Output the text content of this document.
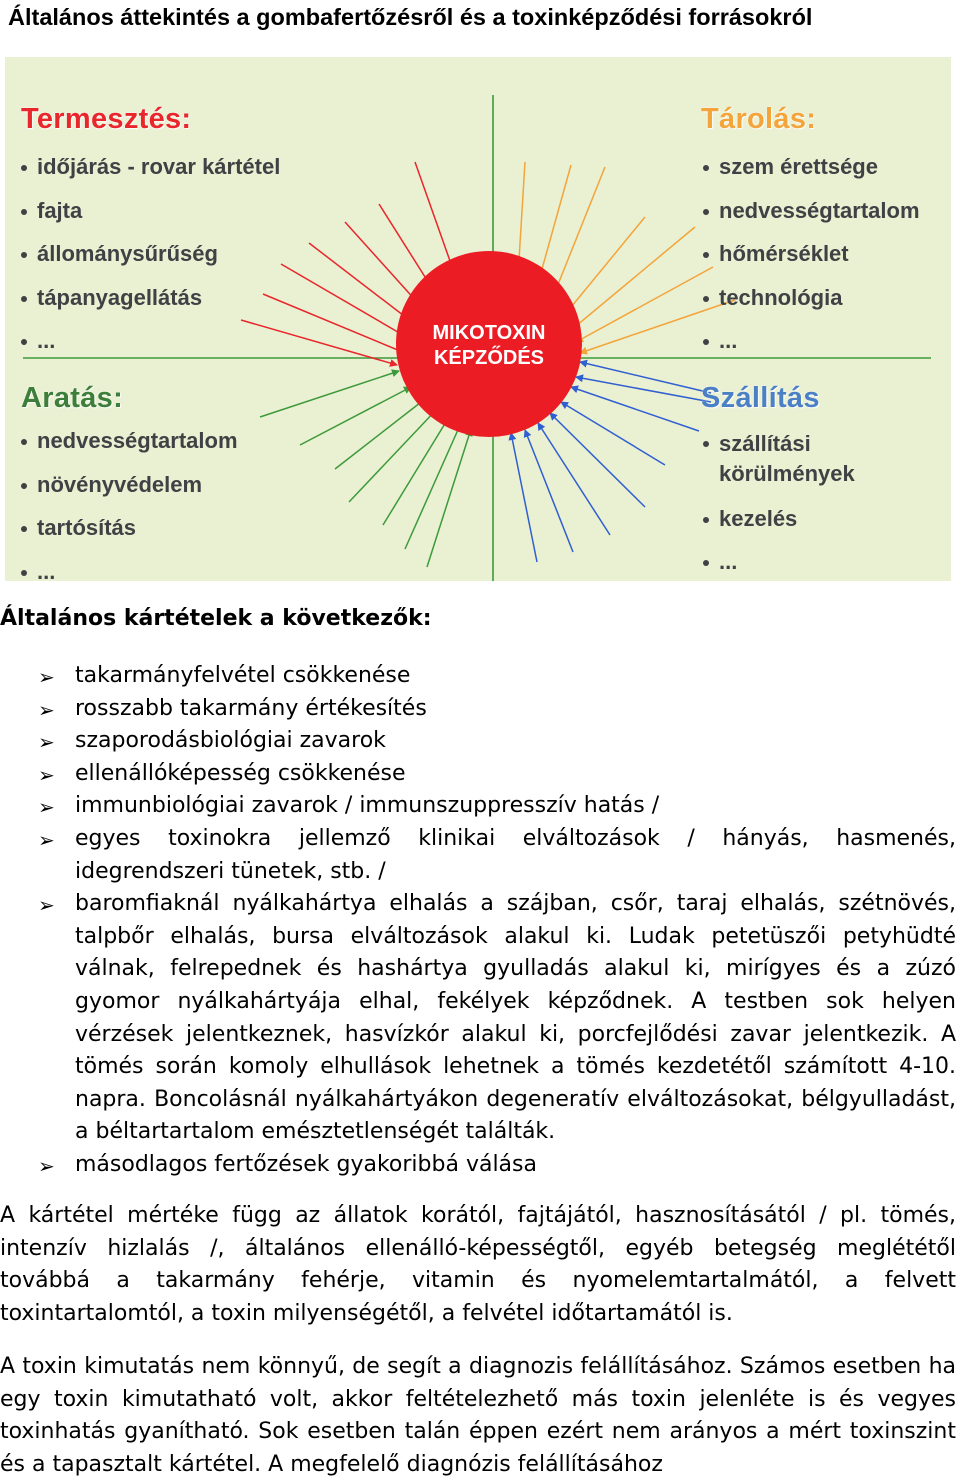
Általános áttekintés a gombafertőzésről és a toxinképződési forrásokról
MIKOTOXIN
KÉPZŐDÉS
Termesztés:
időjárás - rovar kártétel
fajta
állománysűrűség
tápanyagellátás
...
Tárolás:
szem érettsége
nedvességtartalom
hőmérséklet
technológia
...
Aratás:
nedvességtartalom
növényvédelem
tartósítás
...
Szállítás
szállítási körülmények
kezelés
...
Általános kártételek a következők:
➢ takarmányfelvétel csökkenése
➢ rosszabb takarmány értékesítés
➢ szaporodásbiológiai zavarok
➢ ellenállóképesség csökkenése
➢ immunbiológiai zavarok / immunszuppresszív hatás /
➢ egyes toxinokra jellemző klinikai elváltozások / hányás, hasmenés, idegrendszeri tünetek, stb. /
➢ baromfiaknál nyálkahártya elhalás a szájban, csőr, taraj elhalás, szétnövés, talpbőr elhalás, bursa elváltozások alakul ki. Ludak petetüszői petyhüdté válnak, felrepednek és hashártya gyulladás alakul ki, mirígyes és a zúzó gyomor nyálkahártyája elhal, fekélyek képződnek. A testben sok helyen vérzések jelentkeznek, hasvízkór alakul ki, porcfejlődési zavar jelentkezik. A tömés során komoly elhullások lehetnek a tömés kezdetétől számított 4-10. napra. Boncolásnál nyálkahártyákon degeneratív elváltozásokat, bélgyulladást, a béltartartalom emésztetlenségét találták.
➢ másodlagos fertőzések gyakoribbá válása

A kártétel mértéke függ az állatok korától, fajtájától, hasznosításától / pl. tömés, intenzív hizlalás /, általános ellenálló-képességtől, egyéb betegség meglététől továbbá a takarmány fehérje, vitamin és nyomelemtartalmától, a felvett toxintartalomtól, a toxin milyenségétől, a felvétel időtartamától is.

A toxin kimutatás nem könnyű, de segít a diagnozis felállításához. Számos esetben ha egy toxin kimutatható volt, akkor feltételezhető más toxin jelenléte is és vegyes toxinhatás gyanítható. Sok esetben talán éppen ezért nem arányos a mért toxinszint és a tapasztalt kártétel. A megfelelő diagnózis felállításához
